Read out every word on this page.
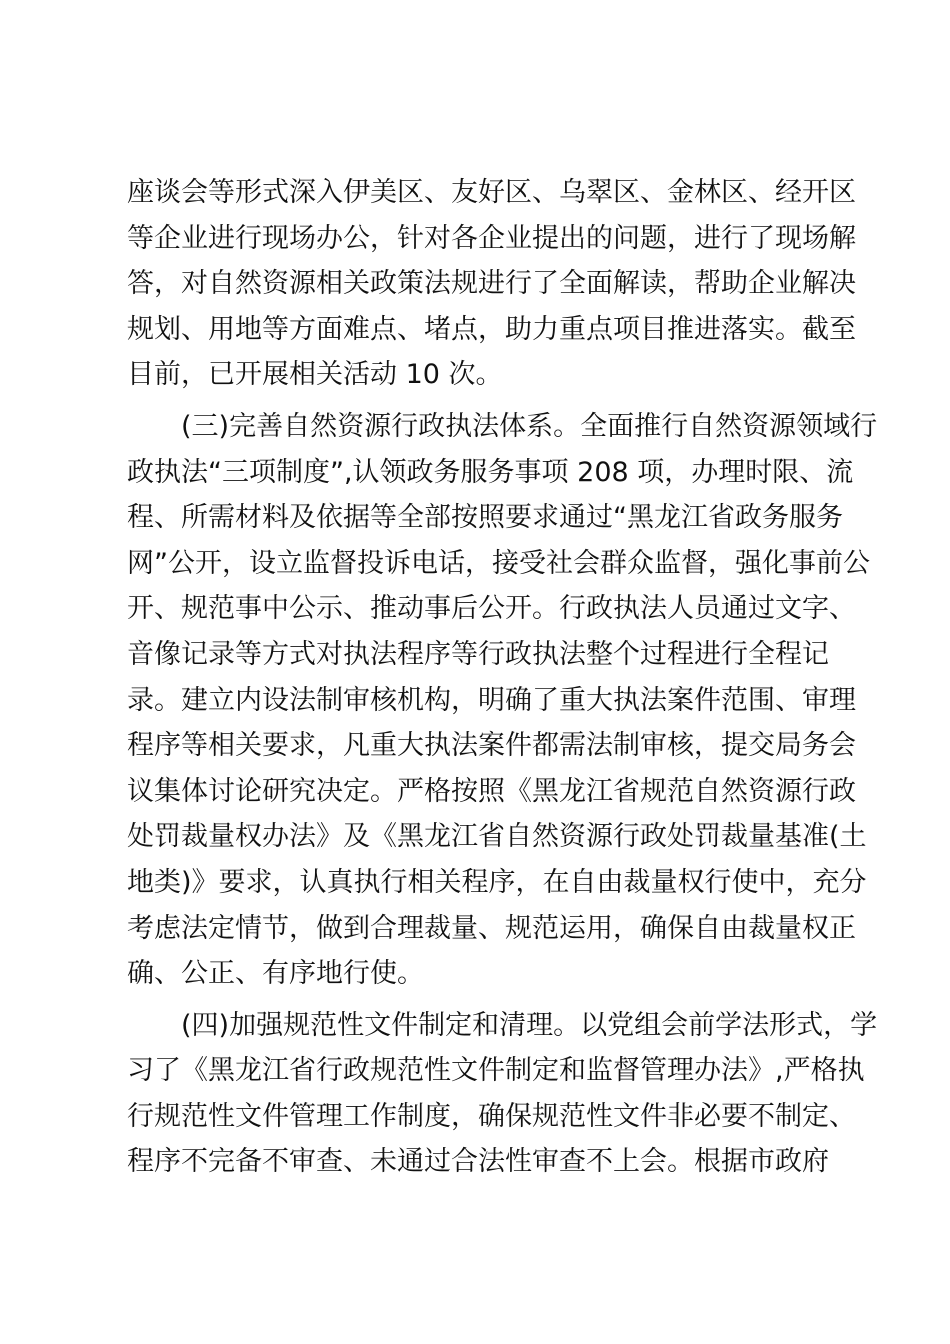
座谈会等形式深入伊美区、友好区、乌翠区、金林区、经开区
等企业进行现场办公，针对各企业提出的问题，进行了现场解
答，对自然资源相关政策法规进行了全面解读，帮助企业解决
规划、用地等方面难点、堵点，助力重点项目推进落实。截至
目前，已开展相关活动 10 次。
(三)完善自然资源行政执法体系。全面推行自然资源领域行
政执法“三项制度”,认领政务服务事项 208 项，办理时限、流
程、所需材料及依据等全部按照要求通过“黑龙江省政务服务
网”公开，设立监督投诉电话，接受社会群众监督，强化事前公
开、规范事中公示、推动事后公开。行政执法人员通过文字、
音像记录等方式对执法程序等行政执法整个过程进行全程记
录。建立内设法制审核机构，明确了重大执法案件范围、审理
程序等相关要求，凡重大执法案件都需法制审核，提交局务会
议集体讨论研究决定。严格按照《黑龙江省规范自然资源行政
处罚裁量权办法》及《黑龙江省自然资源行政处罚裁量基准(土
地类)》要求，认真执行相关程序，在自由裁量权行使中，充分
考虑法定情节，做到合理裁量、规范运用，确保自由裁量权正
确、公正、有序地行使。
(四)加强规范性文件制定和清理。以党组会前学法形式，学
习了《黑龙江省行政规范性文件制定和监督管理办法》,严格执
行规范性文件管理工作制度，确保规范性文件非必要不制定、
程序不完备不审查、未通过合法性审查不上会。根据市政府
